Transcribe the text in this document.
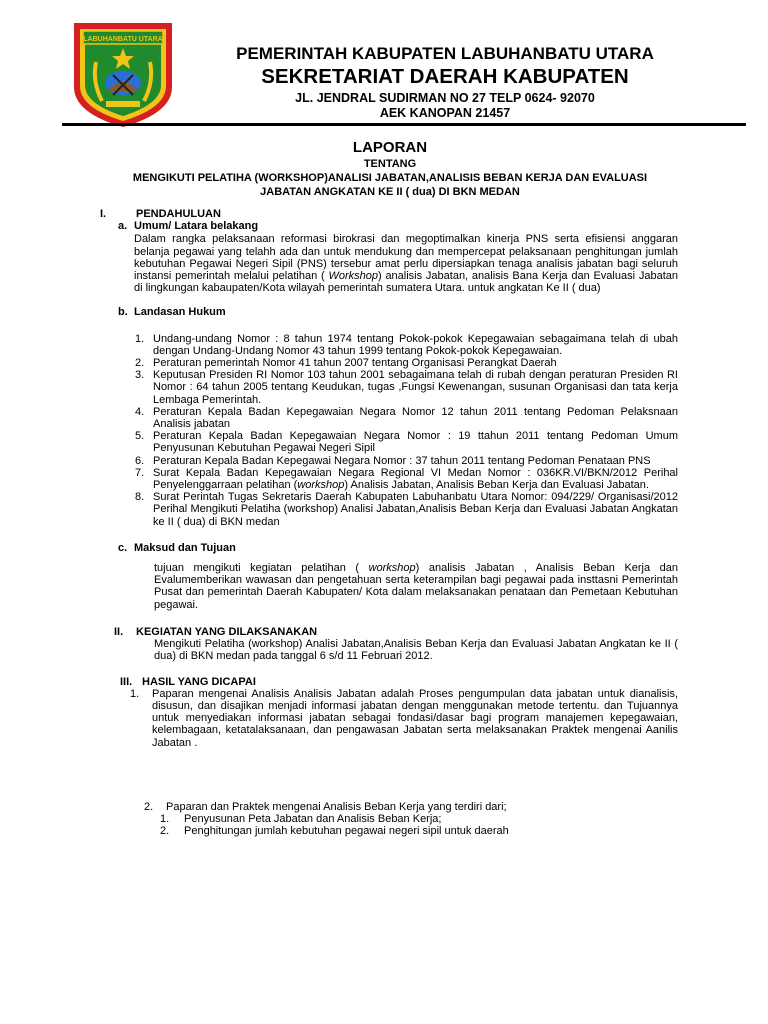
LABUHANBATU UTARA
PEMERINTAH KABUPATEN LABUHANBATU UTARA
SEKRETARIAT DAERAH KABUPATEN
JL. JENDRAL SUDIRMAN NO 27 TELP 0624- 92070
AEK KANOPAN 21457
LAPORAN
TENTANG
MENGIKUTI PELATIHA (WORKSHOP)ANALISI JABATAN,ANALISIS BEBAN KERJA DAN EVALUASI
JABATAN ANGKATAN KE II ( dua) DI BKN MEDAN
I.	PENDAHULUAN
a. Umum/ Latara belakang
Dalam rangka pelaksanaan reformasi birokrasi dan megoptimalkan kinerja PNS serta efisiensi anggaran belanja pegawai yang telahh ada dan untuk mendukung dan mempercepat pelaksanaan penghitungan jumlah kebutuhan Pegawai Negeri Sipil (PNS) tersebur amat perlu dipersiapkan tenaga analisis jabatan bagi seluruh instansi pemerintah melalui pelatihan ( Workshop) analisis Jabatan, analisis Bana Kerja dan Evaluasi Jabatan di lingkungan kabaupaten/Kota wilayah pemerintah sumatera Utara. untuk angkatan Ke II ( dua)
b. Landasan Hukum
1. Undang-undang Nomor : 8 tahun 1974 tentang Pokok-pokok Kepegawaian sebagaimana telah di ubah dengan Undang-Undang Nomor 43 tahun 1999 tentang Pokok-pokok Kepegawaian.
2. Peraturan pemerintah Nomor 41 tahun 2007 tentang Organisasi Perangkat Daerah
3. Keputusan Presiden RI Nomor 103 tahun 2001 sebagaimana telah di rubah dengan peraturan Presiden RI Nomor : 64 tahun 2005 tentang Keudukan, tugas ,Fungsi Kewenangan, susunan Organisasi dan tata kerja Lembaga Pemerintah.
4. Peraturan Kepala Badan Kepegawaian Negara Nomor 12 tahun 2011 tentang Pedoman Pelaksnaan Analisis jabatan
5. Peraturan Kepala Badan Kepegawaian Negara Nomor : 19 ttahun 2011 tentang Pedoman Umum Penyusunan Kebutuhan Pegawai Negeri Sipil
6. Peraturan Kepala Badan Kepegawai Negara Nomor : 37 tahun 2011 tentang Pedoman Penataan PNS
7. Surat Kepala Badan Kepegawaian Negara Regional VI Medan Nomor : 036KR.VI/BKN/2012 Perihal Penyelenggarraan pelatihan (workshop) Analisis Jabatan, Analisis Beban Kerja dan Evaluasi Jabatan.
8. Surat Perintah Tugas Sekretaris Daerah Kabupaten Labuhanbatu Utara Nomor: 094/229/ Organisasi/2012 Perihal Mengikuti Pelatiha (workshop) Analisi Jabatan,Analisis Beban Kerja dan Evaluasi Jabatan Angkatan ke II ( dua) di BKN medan
c. Maksud dan Tujuan
tujuan mengikuti kegiatan pelatihan ( workshop) analisis Jabatan , Analisis Beban Kerja dan Evalumemberikan wawasan dan pengetahuan serta keterampilan bagi pegawai pada insttasni Pemerintah Pusat dan pemerintah Daerah Kabupaten/ Kota dalam melaksanakan penataan dan Pemetaan Kebutuhan pegawai.
II. KEGIATAN YANG DILAKSANAKAN
Mengikuti Pelatiha (workshop) Analisi Jabatan,Analisis Beban Kerja dan Evaluasi Jabatan Angkatan ke II ( dua) di BKN medan pada tanggal 6 s/d 11 Februari 2012.
III. HASIL YANG DICAPAI
1. Paparan mengenai Analisis Analisis Jabatan adalah Proses pengumpulan data jabatan untuk dianalisis, disusun, dan disajikan menjadi informasi jabatan dengan menggunakan metode tertentu. dan Tujuannya untuk menyediakan informasi jabatan sebagai fondasi/dasar bagi program manajemen kepegawaian, kelembagaan, ketatalaksanaan, dan pengawasan Jabatan serta melaksanakan Praktek mengenai Aanilis Jabatan .
2. Paparan dan Praktek mengenai Analisis Beban Kerja yang terdiri dari;
1. Penyusunan Peta Jabatan dan Analisis Beban Kerja;
2. Penghitungan jumlah kebutuhan pegawai negeri sipil untuk daerah
